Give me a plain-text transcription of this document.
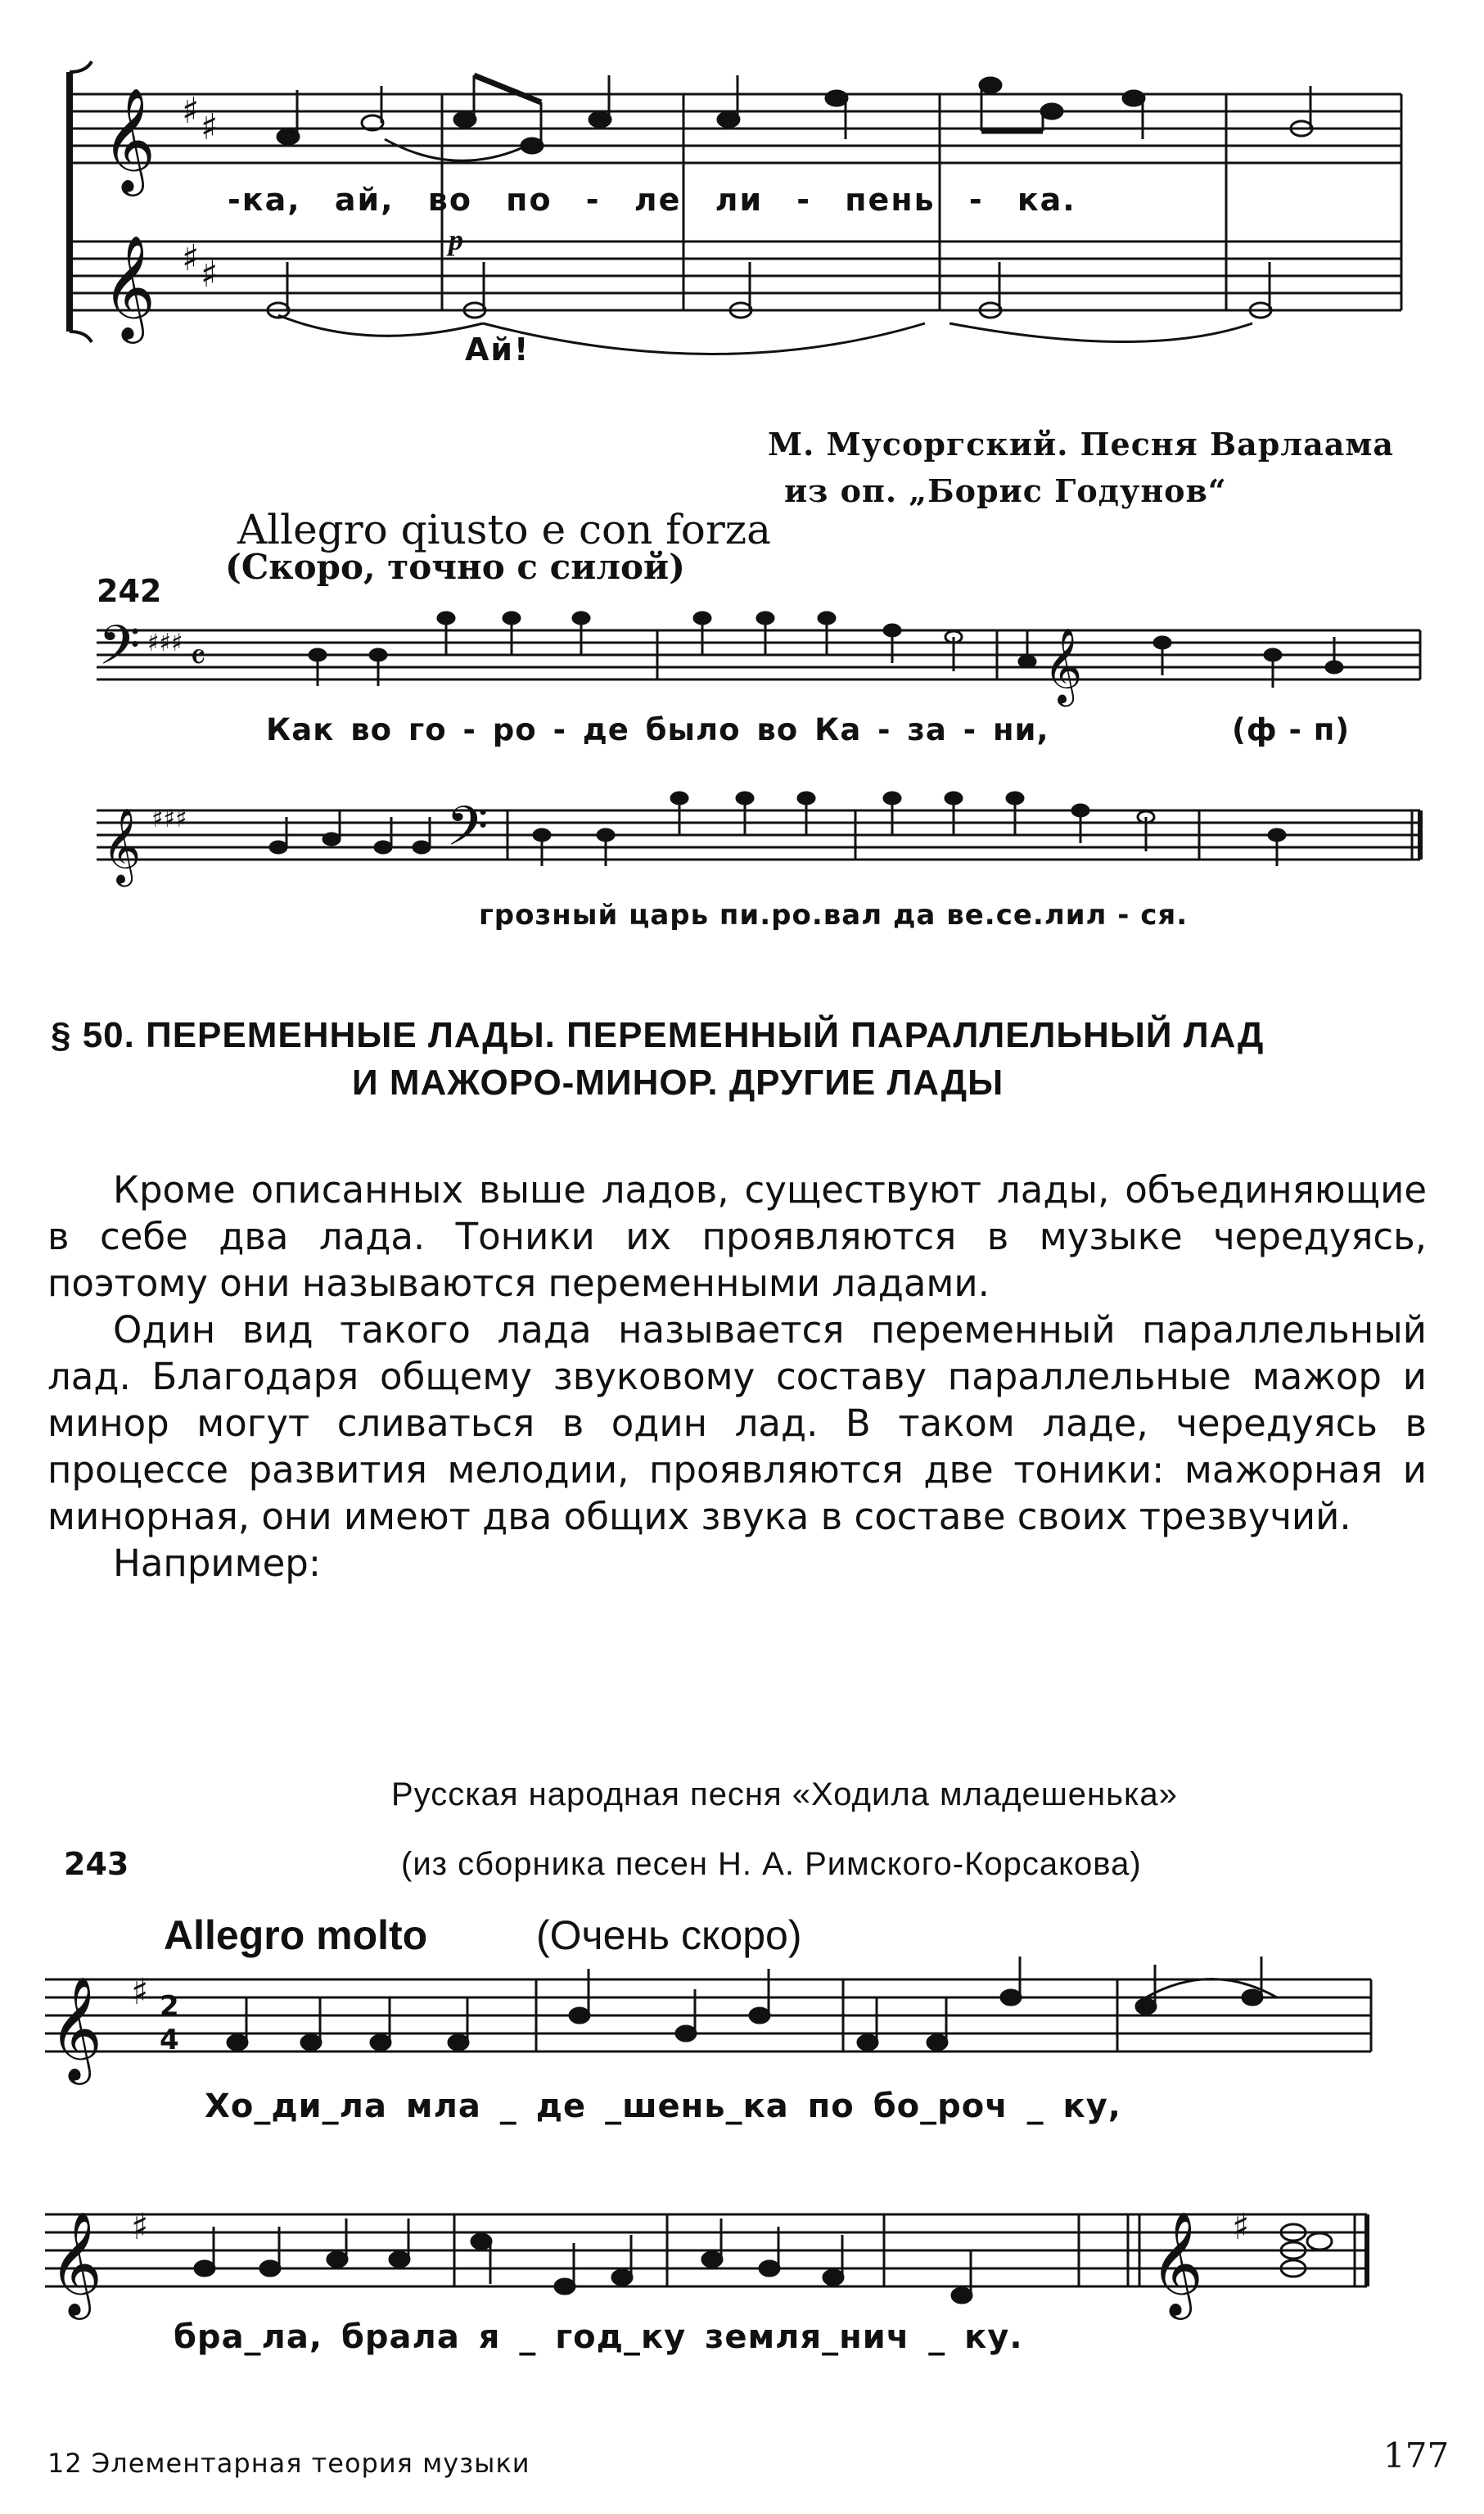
𝄞 ♯ ♯
𝄞 ♯ ♯
𝄢 ♯♯♯ 𝄴	𝄞
𝄞 ♯♯♯	𝄢
𝄞 ♯ 2
4
𝄞 ♯	𝄞 ♯
-ка, ай, во по - ле ли - пень - ка.
p
Ай!
М. Мусоргский. Песня Варлаама
из оп. „Борис Годунов“
Allegro qiusto e con forza
242
(Скоро, точно с силой)
Как во го - ро - де было во Ка - за - ни,	(ф - п)
грозный царь пи.ро.вал да ве.се.лил - ся.
§ 50. ПЕРЕМЕННЫЕ ЛАДЫ. ПЕРЕМЕННЫЙ ПАРАЛЛЕЛЬНЫЙ ЛАД
И МАЖОРО-МИНОР. ДРУГИЕ ЛАДЫ

Кроме описанных выше ладов, существуют лады, объединяющие в себе два лада. Тоники их проявляются в музыке чередуясь, поэтому они называются переменными ладами.

Один вид такого лада называется переменный параллельный лад. Благодаря общему звуковому составу параллельные мажор и минор могут сливаться в один лад. В таком ладе, чередуясь в процессе развития мелодии, проявляются две тоники: мажорная и минорная, они имеют два общих звука в составе своих трезвучий.

Например:

Русская народная песня «Ходила младешенька»
243	(из сборника песен Н. А. Римского-Корсакова)
Allegro molto	(Очень скоро)
Хо_ди_ла мла _ де _шень_ка по бо_роч _ ку,
бра_ла, брала я _ год_ку земля_нич _ ку.
12 Элементарная теория музыки	177
